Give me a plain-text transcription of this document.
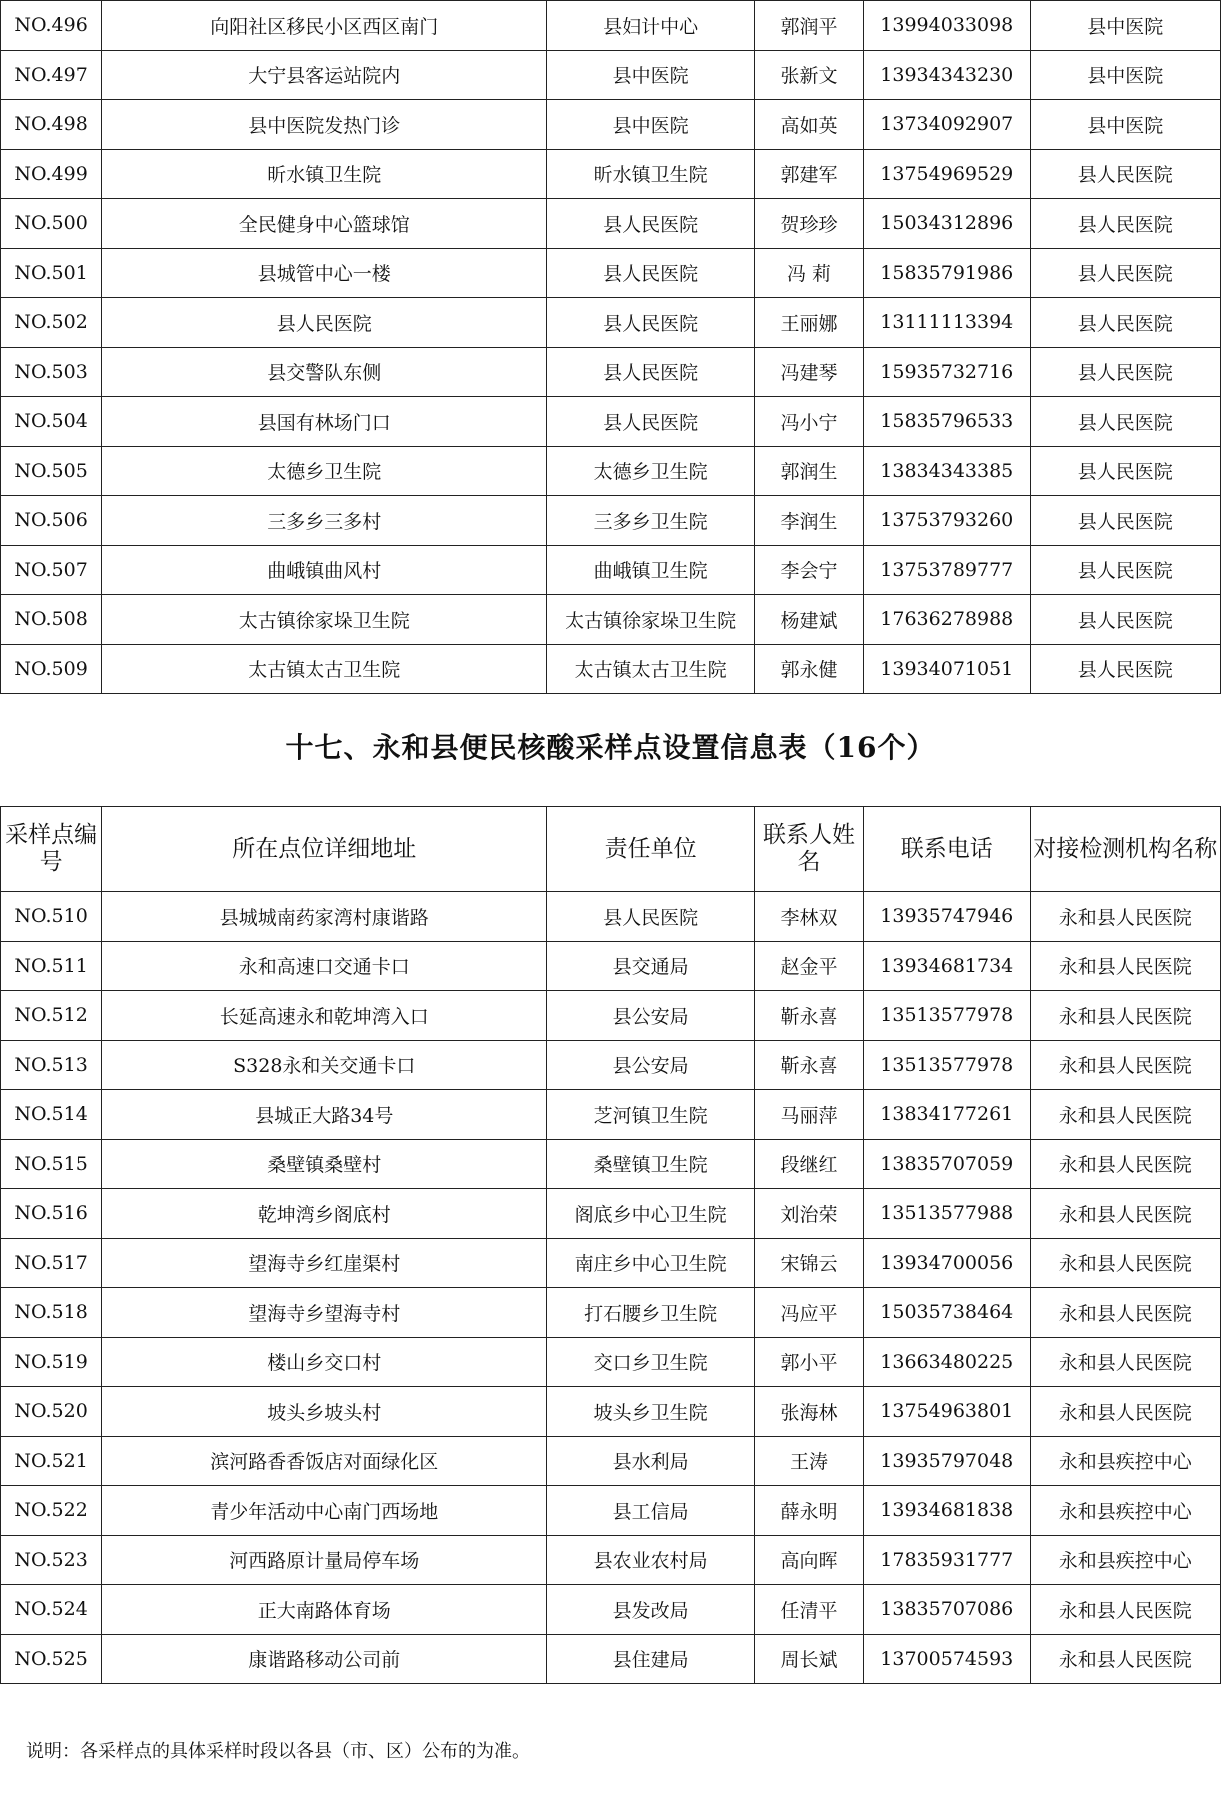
NO.496	向阳社区移民小区西区南门	县妇计中心	郭润平	13994033098	县中医院
NO.497	大宁县客运站院内	县中医院	张新文	13934343230	县中医院
NO.498	县中医院发热门诊	县中医院	高如英	13734092907	县中医院
NO.499	昕水镇卫生院	昕水镇卫生院	郭建军	13754969529	县人民医院
NO.500	全民健身中心篮球馆	县人民医院	贺珍珍	15034312896	县人民医院
NO.501	县城管中心一楼	县人民医院	冯 莉	15835791986	县人民医院
NO.502	县人民医院	县人民医院	王丽娜	13111113394	县人民医院
NO.503	县交警队东侧	县人民医院	冯建琴	15935732716	县人民医院
NO.504	县国有林场门口	县人民医院	冯小宁	15835796533	县人民医院
NO.505	太德乡卫生院	太德乡卫生院	郭润生	13834343385	县人民医院
NO.506	三多乡三多村	三多乡卫生院	李润生	13753793260	县人民医院
NO.507	曲峨镇曲风村	曲峨镇卫生院	李会宁	13753789777	县人民医院
NO.508	太古镇徐家垛卫生院	太古镇徐家垛卫生院	杨建斌	17636278988	县人民医院
NO.509	太古镇太古卫生院	太古镇太古卫生院	郭永健	13934071051	县人民医院
十七、永和县便民核酸采样点设置信息表（16个）
采样点编号	所在点位详细地址	责任单位	联系人姓名	联系电话	对接检测机构名称
NO.510	县城城南药家湾村康谐路	县人民医院	李林双	13935747946	永和县人民医院
NO.511	永和高速口交通卡口	县交通局	赵金平	13934681734	永和县人民医院
NO.512	长延高速永和乾坤湾入口	县公安局	靳永喜	13513577978	永和县人民医院
NO.513	S328永和关交通卡口	县公安局	靳永喜	13513577978	永和县人民医院
NO.514	县城正大路34号	芝河镇卫生院	马丽萍	13834177261	永和县人民医院
NO.515	桑壁镇桑壁村	桑壁镇卫生院	段继红	13835707059	永和县人民医院
NO.516	乾坤湾乡阁底村	阁底乡中心卫生院	刘治荣	13513577988	永和县人民医院
NO.517	望海寺乡红崖渠村	南庄乡中心卫生院	宋锦云	13934700056	永和县人民医院
NO.518	望海寺乡望海寺村	打石腰乡卫生院	冯应平	15035738464	永和县人民医院
NO.519	楼山乡交口村	交口乡卫生院	郭小平	13663480225	永和县人民医院
NO.520	坡头乡坡头村	坡头乡卫生院	张海林	13754963801	永和县人民医院
NO.521	滨河路香香饭店对面绿化区	县水利局	王涛	13935797048	永和县疾控中心
NO.522	青少年活动中心南门西场地	县工信局	薛永明	13934681838	永和县疾控中心
NO.523	河西路原计量局停车场	县农业农村局	高向晖	17835931777	永和县疾控中心
NO.524	正大南路体育场	县发改局	任清平	13835707086	永和县人民医院
NO.525	康谐路移动公司前	县住建局	周长斌	13700574593	永和县人民医院
说明：各采样点的具体采样时段以各县（市、区）公布的为准。
